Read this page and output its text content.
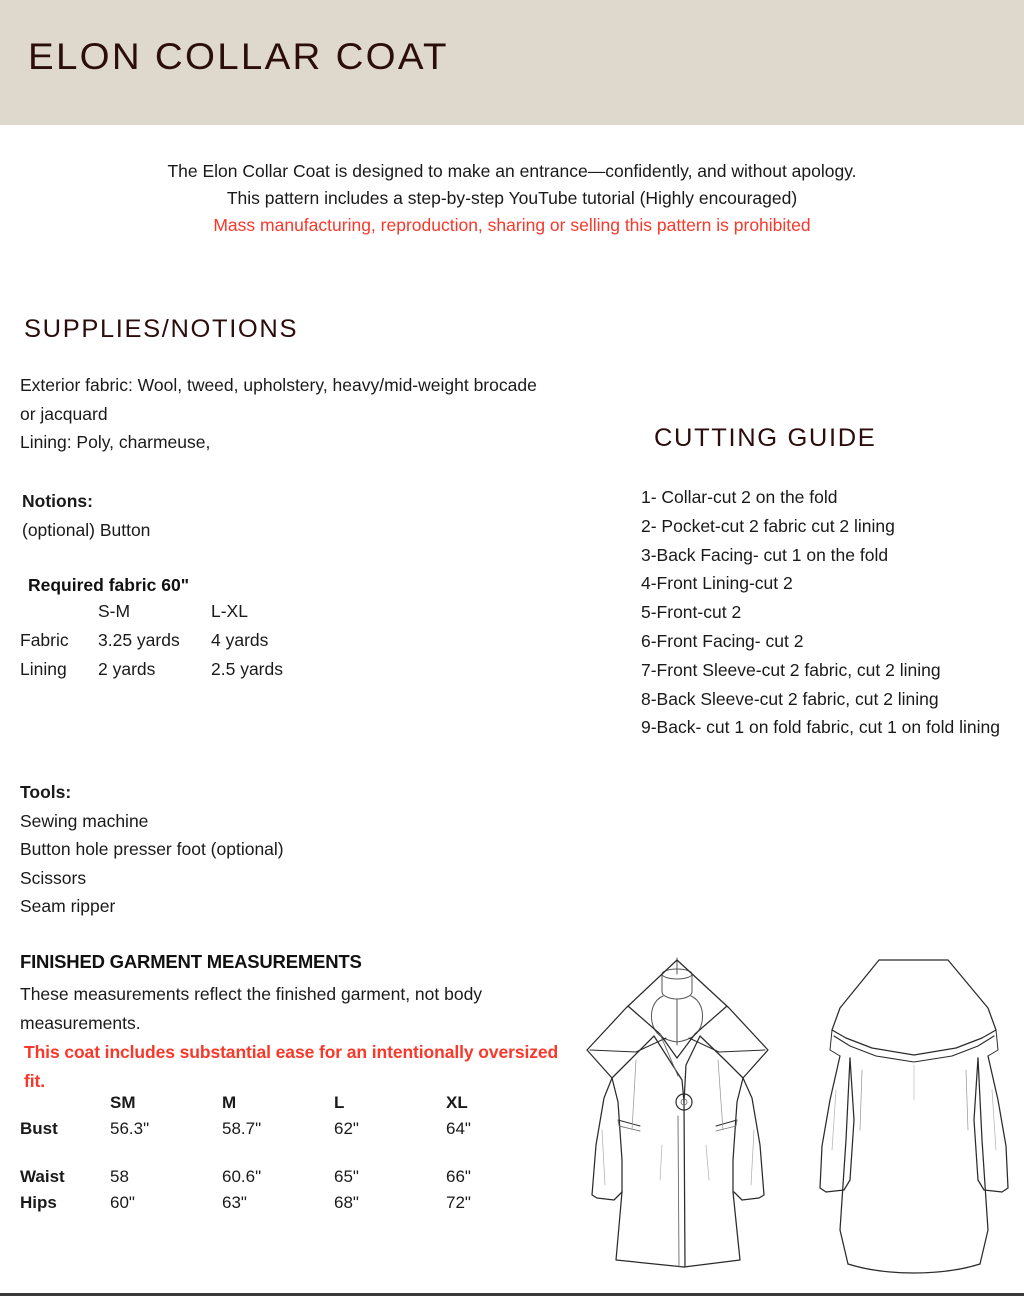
ELON COLLAR COAT
The Elon Collar Coat is designed to make an entrance—confidently, and without apology.
This pattern includes a step-by-step YouTube tutorial (Highly encouraged)
Mass manufacturing, reproduction, sharing or selling this pattern is prohibited
SUPPLIES/NOTIONS
Exterior fabric: Wool, tweed, upholstery, heavy/mid-weight brocade
or jacquard
Lining: Poly, charmeuse,
Notions:
(optional) Button
Required fabric 60"
	S-M	L-XL
Fabric	3.25 yards	4 yards
Lining	2 yards	2.5 yards
Tools:
Sewing machine
Button hole presser foot (optional)
Scissors
Seam ripper
CUTTING GUIDE
1- Collar-cut 2 on the fold
2- Pocket-cut 2 fabric cut 2 lining
3-Back Facing- cut 1 on the fold
4-Front Lining-cut 2
5-Front-cut 2
6-Front Facing- cut 2
7-Front Sleeve-cut 2 fabric, cut 2 lining
8-Back Sleeve-cut 2 fabric, cut 2 lining
9-Back- cut 1 on fold fabric, cut 1 on fold lining
FINISHED GARMENT MEASUREMENTS
These measurements reflect the finished garment, not body measurements.
This coat includes substantial ease for an intentionally oversized fit.
	SM	M	L	XL
Bust	56.3"	58.7"	62"	64"

Waist	58	60.6"	65"	66"
Hips	60"	63"	68"	72"
